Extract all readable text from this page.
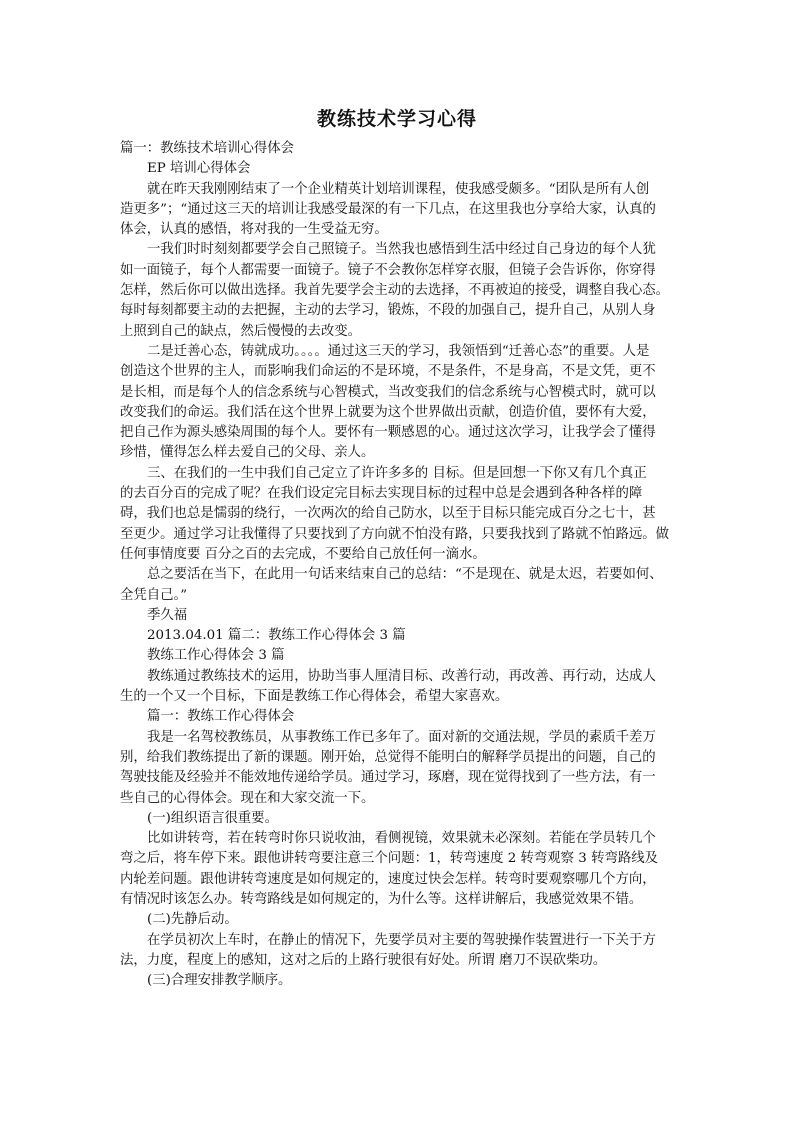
教练技术学习心得
篇一：教练技术培训心得体会
EP 培训心得体会
就在昨天我刚刚结束了一个企业精英计划培训课程，使我感受颇多。“团队是所有人创
造更多”；“通过这三天的培训让我感受最深的有一下几点，在这里我也分享给大家，认真的
体会，认真的感悟，将对我的一生受益无穷。
一我们时时刻刻都要学会自己照镜子。当然我也感悟到生活中经过自己身边的每个人犹
如一面镜子，每个人都需要一面镜子。镜子不会教你怎样穿衣服，但镜子会告诉你，你穿得
怎样，然后你可以做出选择。我首先要学会主动的去选择，不再被迫的接受，调整自我心态。
每时每刻都要主动的去把握，主动的去学习，锻炼，不段的加强自己，提升自己，从别人身
上照到自己的缺点，然后慢慢的去改变。
二是迁善心态，铸就成功。。。。通过这三天的学习，我领悟到“迁善心态”的重要。人是
创造这个世界的主人，而影响我们命运的不是环境，不是条件，不是身高，不是文凭，更不
是长相，而是每个人的信念系统与心智模式，当改变我们的信念系统与心智模式时，就可以
改变我们的命运。我们活在这个世界上就要为这个世界做出贡献，创造价值，要怀有大爱，
把自己作为源头感染周围的每个人。要怀有一颗感恩的心。通过这次学习，让我学会了懂得
珍惜，懂得怎么样去爱自己的父母、亲人。
三、在我们的一生中我们自己定立了许许多多的 目标。但是回想一下你又有几个真正
的去百分百的完成了呢？在我们设定完目标去实现目标的过程中总是会遇到各种各样的障
碍，我们也总是懦弱的绕行，一次两次的给自己防水，以至于目标只能完成百分之七十，甚
至更少。通过学习让我懂得了只要找到了方向就不怕没有路，只要我找到了路就不怕路远。做
任何事情度要 百分之百的去完成，不要给自己放任何一滴水。
总之要活在当下，在此用一句话来结束自己的总结：“不是现在、就是太迟，若要如何、
全凭自己。”
季久福
2013.04.01 篇二：教练工作心得体会 3 篇
教练工作心得体会 3 篇
教练通过教练技术的运用，协助当事人厘清目标、改善行动，再改善、再行动，达成人
生的一个又一个目标，下面是教练工作心得体会，希望大家喜欢。
篇一：教练工作心得体会
我是一名驾校教练员，从事教练工作已多年了。面对新的交通法规，学员的素质千差万
别，给我们教练提出了新的课题。刚开始，总觉得不能明白的解释学员提出的问题，自己的
驾驶技能及经验并不能效地传递给学员。通过学习，琢磨，现在觉得找到了一些方法，有一
些自己的心得体会。现在和大家交流一下。
(一)组织语言很重要。
比如讲转弯，若在转弯时你只说收油，看侧视镜，效果就未必深刻。若能在学员转几个
弯之后，将车停下来。跟他讲转弯要注意三个问题：1，转弯速度 2 转弯观察 3 转弯路线及
内轮差问题。跟他讲转弯速度是如何规定的，速度过快会怎样。转弯时要观察哪几个方向，
有情况时该怎么办。转弯路线是如何规定的，为什么等。这样讲解后，我感觉效果不错。
(二)先静后动。
在学员初次上车时，在静止的情况下，先要学员对主要的驾驶操作装置进行一下关于方
法，力度，程度上的感知，这对之后的上路行驶很有好处。所谓 磨刀不误砍柴功。
(三)合理安排教学顺序。
